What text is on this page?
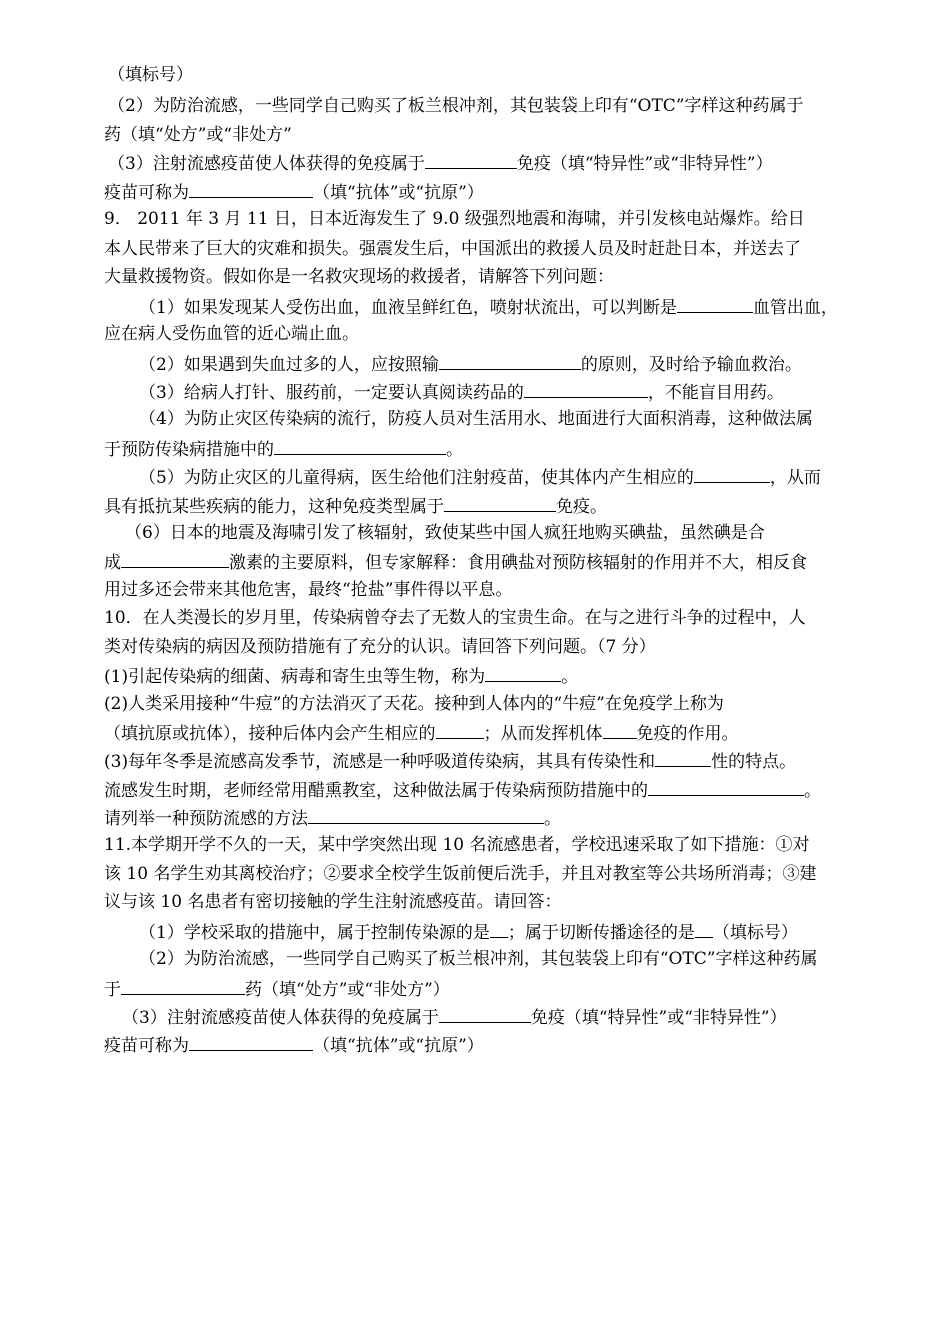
（填标号）
（2）为防治流感，一些同学自己购买了板兰根冲剂，其包装袋上印有“OTC”字样这种药属于
药（填“处方”或“非处方”
（3）注射流感疫苗使人体获得的免疫属于	免疫（填“特异性”或“非特异性”）
疫苗可称为	（填“抗体”或“抗原”）
9． 2011 年 3 月 11 日，日本近海发生了 9.0 级强烈地震和海啸，并引发核电站爆炸。给日
本人民带来了巨大的灾难和损失。强震发生后，中国派出的救援人员及时赶赴日本，并送去了
大量救援物资。假如你是一名救灾现场的救援者，请解答下列问题：
（1）如果发现某人受伤出血，血液呈鲜红色，喷射状流出，可以判断是	血管出血，
应在病人受伤血管的近心端止血。
（2）如果遇到失血过多的人，应按照输	的原则，及时给予输血救治。
（3）给病人打针、服药前，一定要认真阅读药品的	，不能盲目用药。
（4）为防止灾区传染病的流行，防疫人员对生活用水、地面进行大面积消毒，这种做法属
于预防传染病措施中的	。
（5）为防止灾区的儿童得病，医生给他们注射疫苗，使其体内产生相应的	，从而
具有抵抗某些疾病的能力，这种免疫类型属于	免疫。
（6）日本的地震及海啸引发了核辐射，致使某些中国人疯狂地购买碘盐，虽然碘是合
成	激素的主要原料，但专家解释：食用碘盐对预防核辐射的作用并不大，相反食
用过多还会带来其他危害，最终“抢盐”事件得以平息。
10．在人类漫长的岁月里，传染病曾夺去了无数人的宝贵生命。在与之进行斗争的过程中，人
类对传染病的病因及预防措施有了充分的认识。请回答下列问题。（7 分）
(1)引起传染病的细菌、病毒和寄生虫等生物，称为	。
(2)人类采用接种“牛痘”的方法消灭了天花。接种到人体内的“牛痘”在免疫学上称为
（填抗原或抗体），接种后体内会产生相应的	；从而发挥机体 免疫的作用。
(3)每年冬季是流感高发季节，流感是一种呼吸道传染病，其具有传染性和	性的特点。
流感发生时期，老师经常用醋熏教室，这种做法属于传染病预防措施中的	。
请列举一种预防流感的方法	。
11.本学期开学不久的一天，某中学突然出现 10 名流感患者，学校迅速采取了如下措施：①对
该 10 名学生劝其离校治疗；②要求全校学生饭前便后洗手，并且对教室等公共场所消毒；③建
议与该 10 名患者有密切接触的学生注射流感疫苗。请回答：
（1）学校采取的措施中，属于控制传染源的是 ；属于切断传播途径的是 （填标号）
（2）为防治流感，一些同学自己购买了板兰根冲剂，其包装袋上印有“OTC”字样这种药属
于	药（填“处方”或“非处方”）
（3）注射流感疫苗使人体获得的免疫属于	免疫（填“特异性”或“非特异性”）
疫苗可称为	（填“抗体”或“抗原”）
